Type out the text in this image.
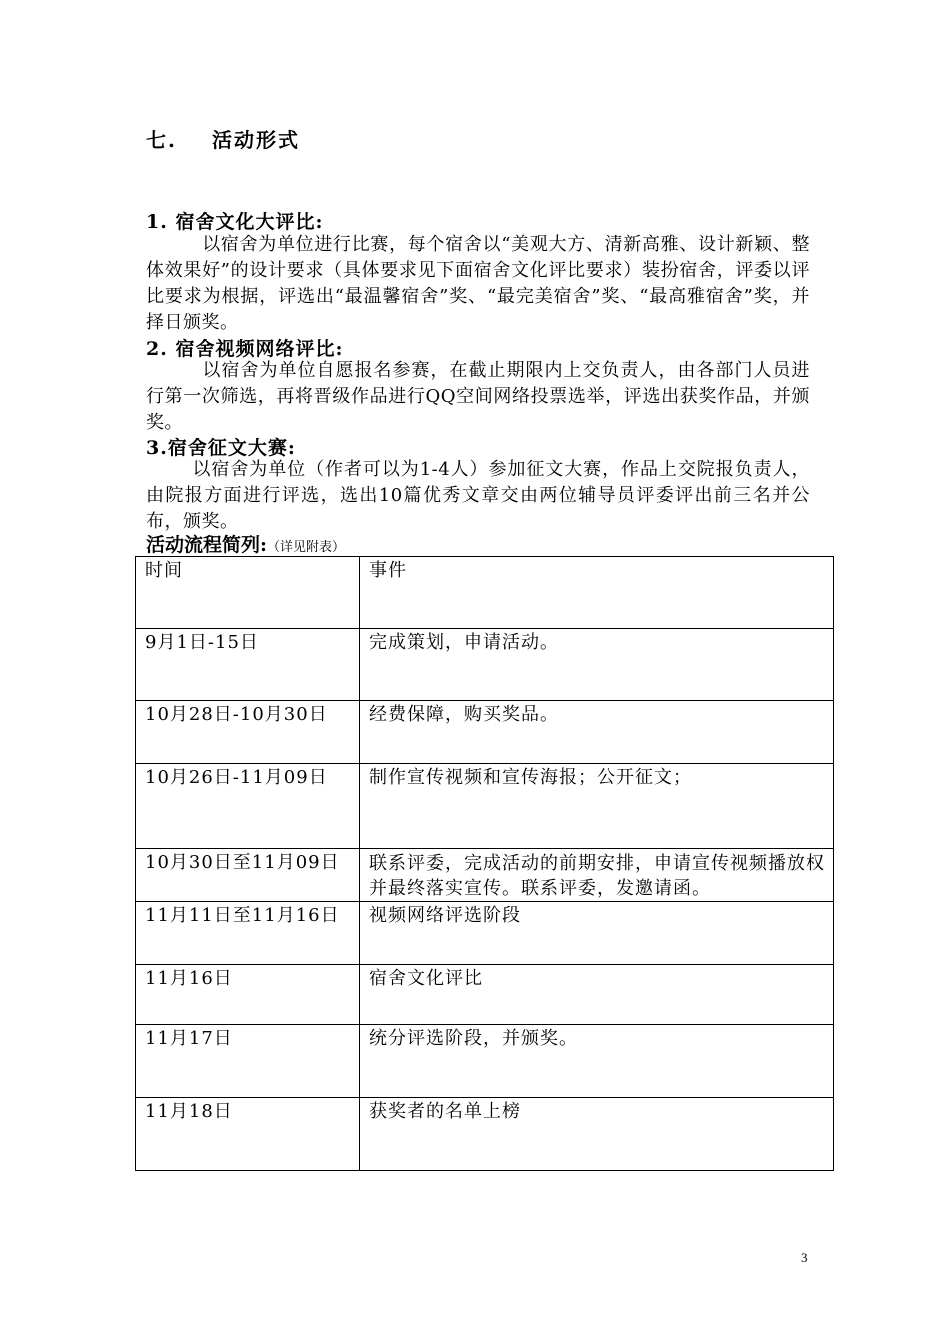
七. 活动形式
1. 宿舍文化大评比:
以宿舍为单位进行比赛，每个宿舍以“美观大方、清新高雅、设计新颖、整体效果好”的设计要求（具体要求见下面宿舍文化评比要求）装扮宿舍，评委以评比要求为根据，评选出“最温馨宿舍”奖、“最完美宿舍”奖、“最高雅宿舍”奖，并择日颁奖。
2. 宿舍视频网络评比:
以宿舍为单位自愿报名参赛，在截止期限内上交负责人，由各部门人员进行第一次筛选，再将晋级作品进行QQ空间网络投票选举，评选出获奖作品，并颁奖。
3.宿舍征文大赛:
以宿舍为单位（作者可以为1-4人）参加征文大赛，作品上交院报负责人，由院报方面进行评选，选出10篇优秀文章交由两位辅导员评委评出前三名并公布，颁奖。
活动流程简列:（详见附表）
时间	事件
9月1日-15日	完成策划，申请活动。
10月28日-10月30日	经费保障，购买奖品。
10月26日-11月09日	制作宣传视频和宣传海报；公开征文；
10月30日至11月09日	联系评委，完成活动的前期安排，申请宣传视频播放权并最终落实宣传。联系评委，发邀请函。
11月11日至11月16日	视频网络评选阶段
11月16日	宿舍文化评比
11月17日	统分评选阶段，并颁奖。
11月18日	获奖者的名单上榜
3
